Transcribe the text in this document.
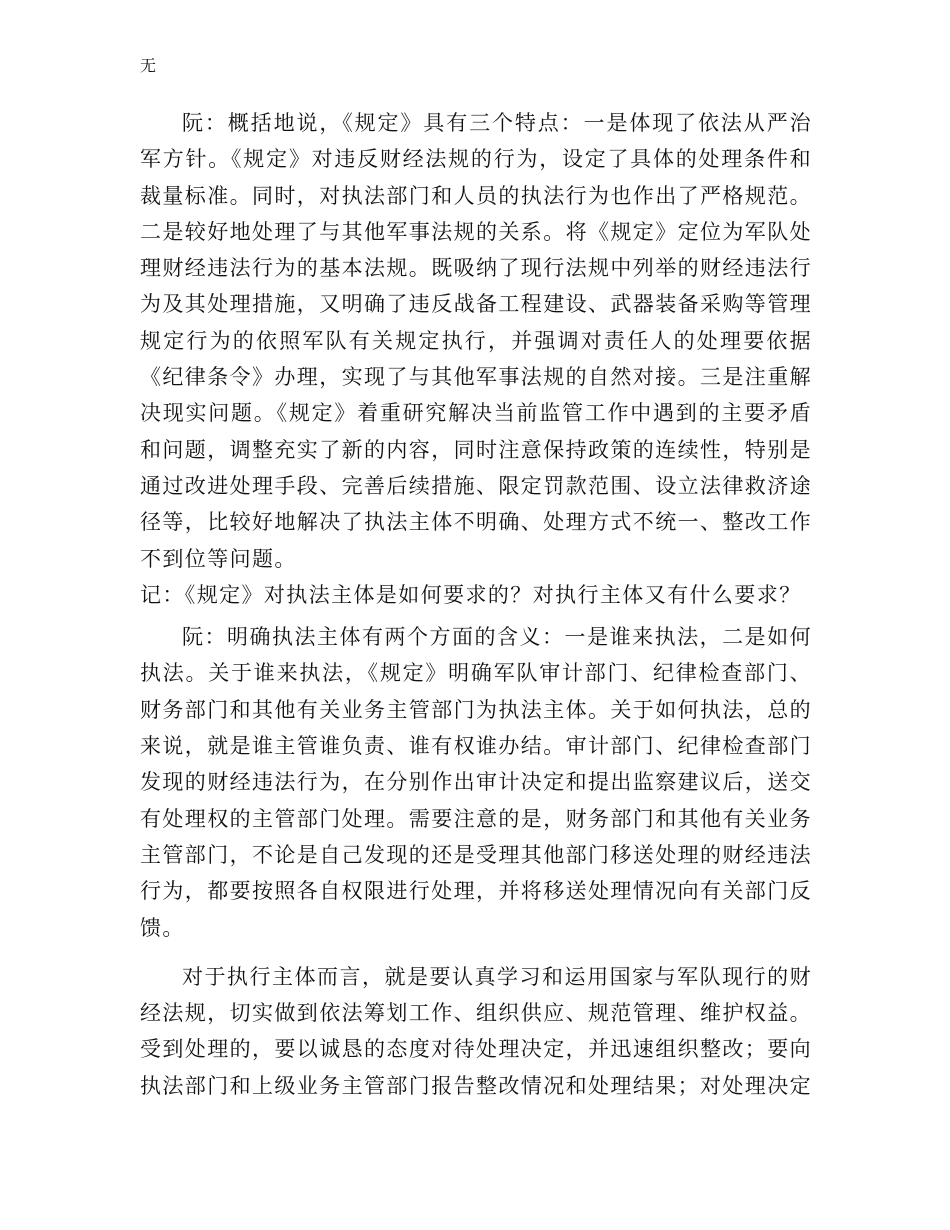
无

阮：概括地说，《规定》具有三个特点：一是体现了依法从严治军方针。《规定》对违反财经法规的行为，设定了具体的处理条件和裁量标准。同时，对执法部门和人员的执法行为也作出了严格规范。二是较好地处理了与其他军事法规的关系。将《规定》定位为军队处理财经违法行为的基本法规。既吸纳了现行法规中列举的财经违法行为及其处理措施，又明确了违反战备工程建设、武器装备采购等管理规定行为的依照军队有关规定执行，并强调对责任人的处理要依据《纪律条令》办理，实现了与其他军事法规的自然对接。三是注重解决现实问题。《规定》着重研究解决当前监管工作中遇到的主要矛盾和问题，调整充实了新的内容，同时注意保持政策的连续性，特别是通过改进处理手段、完善后续措施、限定罚款范围、设立法律救济途径等，比较好地解决了执法主体不明确、处理方式不统一、整改工作不到位等问题。

记：《规定》对执法主体是如何要求的？对执行主体又有什么要求？

阮：明确执法主体有两个方面的含义：一是谁来执法，二是如何执法。关于谁来执法，《规定》明确军队审计部门、纪律检查部门、财务部门和其他有关业务主管部门为执法主体。关于如何执法，总的来说，就是谁主管谁负责、谁有权谁办结。审计部门、纪律检查部门发现的财经违法行为，在分别作出审计决定和提出监察建议后，送交有处理权的主管部门处理。需要注意的是，财务部门和其他有关业务主管部门，不论是自己发现的还是受理其他部门移送处理的财经违法行为，都要按照各自权限进行处理，并将移送处理情况向有关部门反馈。

对于执行主体而言，就是要认真学习和运用国家与军队现行的财经法规，切实做到依法筹划工作、组织供应、规范管理、维护权益。受到处理的，要以诚恳的态度对待处理决定，并迅速组织整改；要向执法部门和上级业务主管部门报告整改情况和处理结果；对处理决定
